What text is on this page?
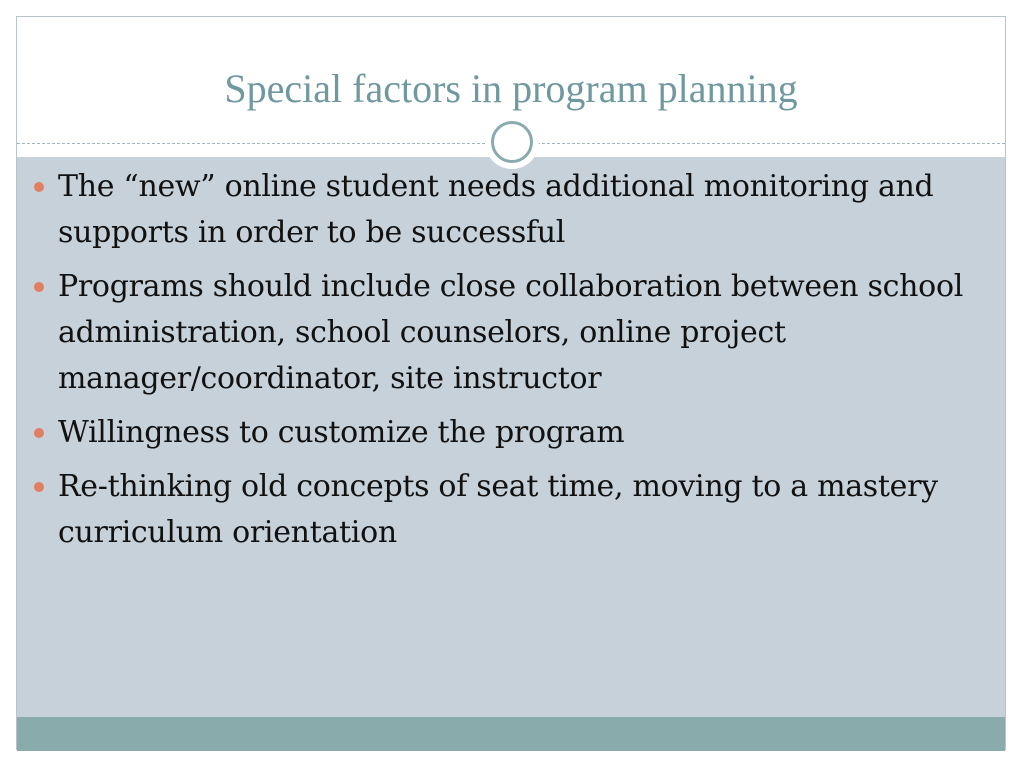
Special factors in program planning
The “new” online student needs additional monitoring and supports in order to be successful
Programs should include close collaboration between school administration, school counselors, online project manager/coordinator, site instructor
Willingness to customize the program
Re-thinking old concepts of seat time, moving to a mastery curriculum orientation
